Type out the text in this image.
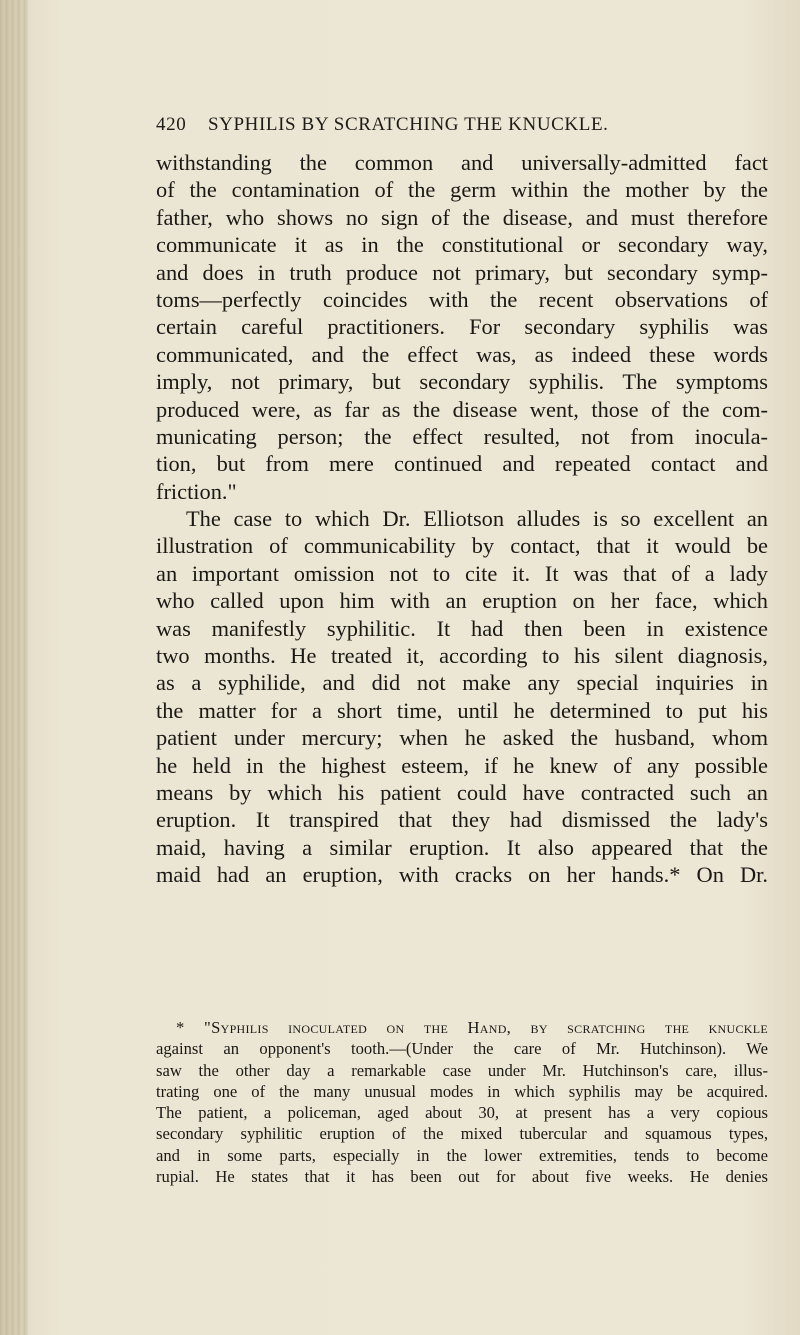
420 SYPHILIS BY SCRATCHING THE KNUCKLE.
withstanding the common and universally-admitted fact
of the contamination of the germ within the mother by the
father, who shows no sign of the disease, and must therefore
communicate it as in the constitutional or secondary way,
and does in truth produce not primary, but secondary symp-
toms—perfectly coincides with the recent observations of
certain careful practitioners. For secondary syphilis was
communicated, and the effect was, as indeed these words
imply, not primary, but secondary syphilis. The symptoms
produced were, as far as the disease went, those of the com-
municating person; the effect resulted, not from inocula-
tion, but from mere continued and repeated contact and
friction."
The case to which Dr. Elliotson alludes is so excellent an
illustration of communicability by contact, that it would be
an important omission not to cite it. It was that of a lady
who called upon him with an eruption on her face, which
was manifestly syphilitic. It had then been in existence
two months. He treated it, according to his silent diagnosis,
as a syphilide, and did not make any special inquiries in
the matter for a short time, until he determined to put his
patient under mercury; when he asked the husband, whom
he held in the highest esteem, if he knew of any possible
means by which his patient could have contracted such an
eruption. It transpired that they had dismissed the lady's
maid, having a similar eruption. It also appeared that the
maid had an eruption, with cracks on her hands.* On Dr.
* "Syphilis inoculated on the Hand, by scratching the knuckle
against an opponent's tooth.—(Under the care of Mr. Hutchinson). We
saw the other day a remarkable case under Mr. Hutchinson's care, illus-
trating one of the many unusual modes in which syphilis may be acquired.
The patient, a policeman, aged about 30, at present has a very copious
secondary syphilitic eruption of the mixed tubercular and squamous types,
and in some parts, especially in the lower extremities, tends to become
rupial. He states that it has been out for about five weeks. He denies
